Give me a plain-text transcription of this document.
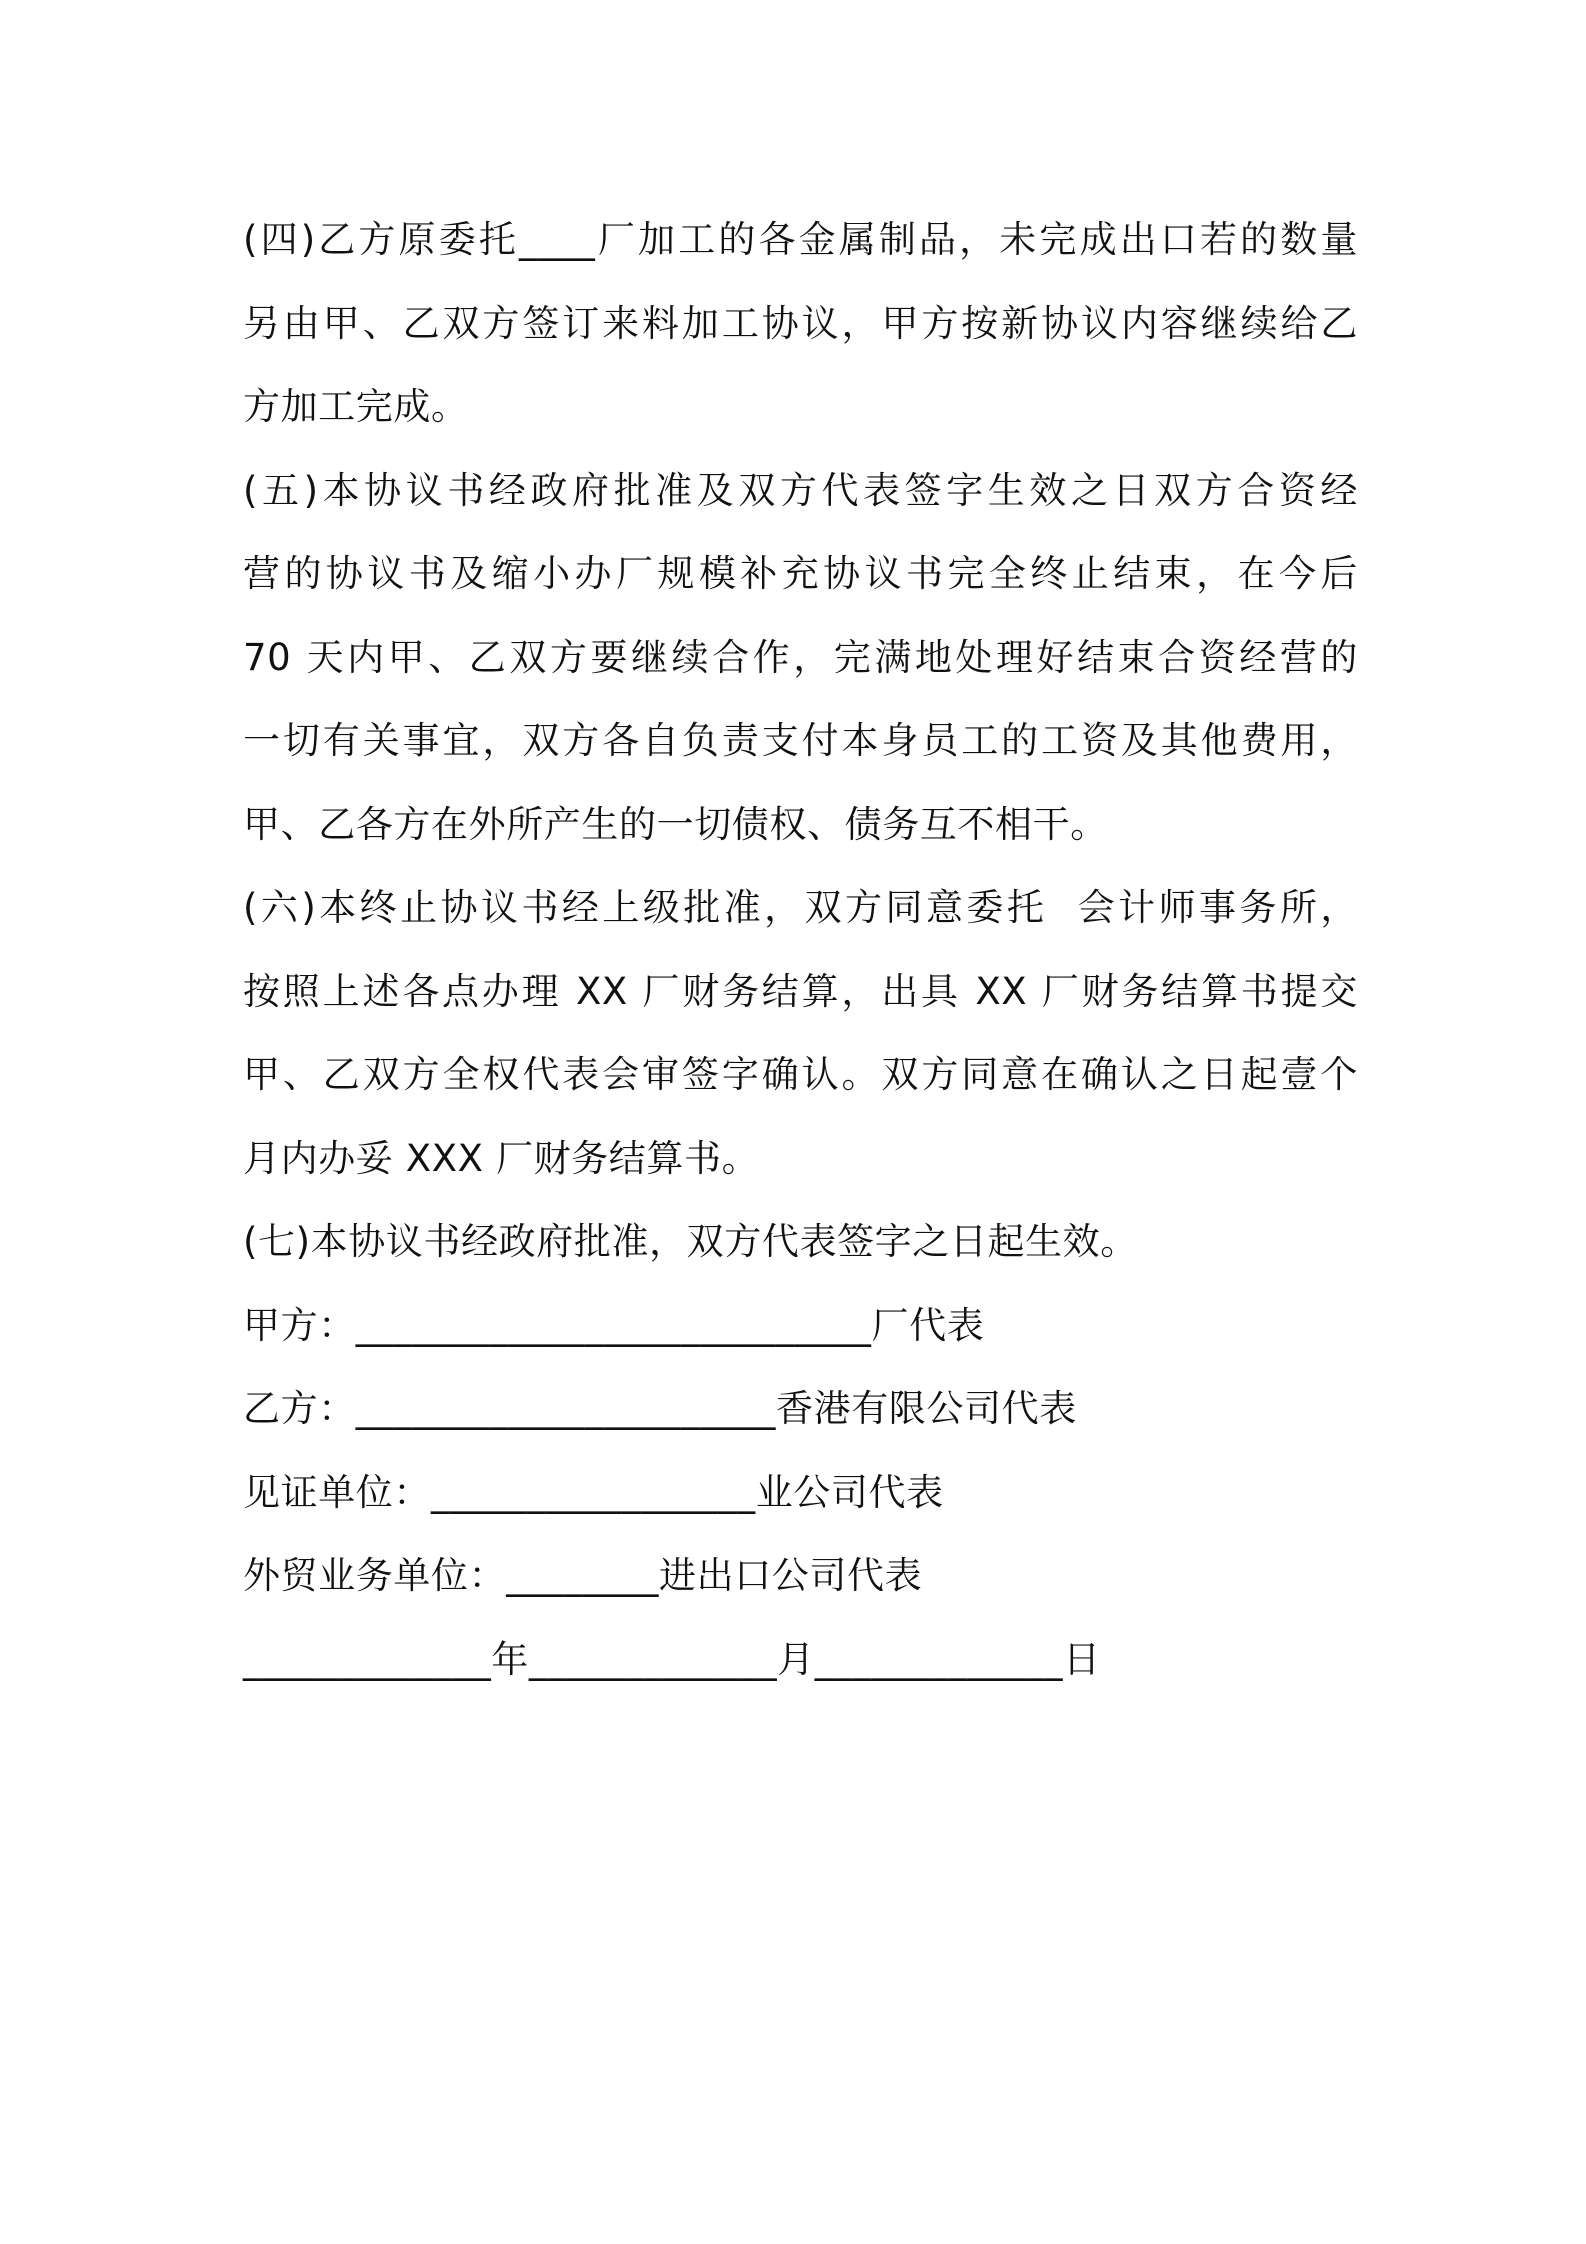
(四)乙方原委托____厂加工的各金属制品，未完成出口若的数量
另由甲、乙双方签订来料加工协议，甲方按新协议内容继续给乙
方加工完成。
(五)本协议书经政府批准及双方代表签字生效之日双方合资经
营的协议书及缩小办厂规模补充协议书完全终止结束，在今后
70 天内甲、乙双方要继续合作，完满地处理好结束合资经营的
一切有关事宜，双方各自负责支付本身员工的工资及其他费用，
甲、乙各方在外所产生的一切债权、债务互不相干。
(六)本终止协议书经上级批准，双方同意委托  会计师事务所，
按照上述各点办理 XX 厂财务结算，出具 XX 厂财务结算书提交
甲、乙双方全权代表会审签字确认。双方同意在确认之日起壹个
月内办妥 XXX 厂财务结算书。
(七)本协议书经政府批准，双方代表签字之日起生效。
甲方：___________________________厂代表
乙方：______________________香港有限公司代表
见证单位：_________________业公司代表
外贸业务单位：________进出口公司代表
_____________年_____________月_____________日
